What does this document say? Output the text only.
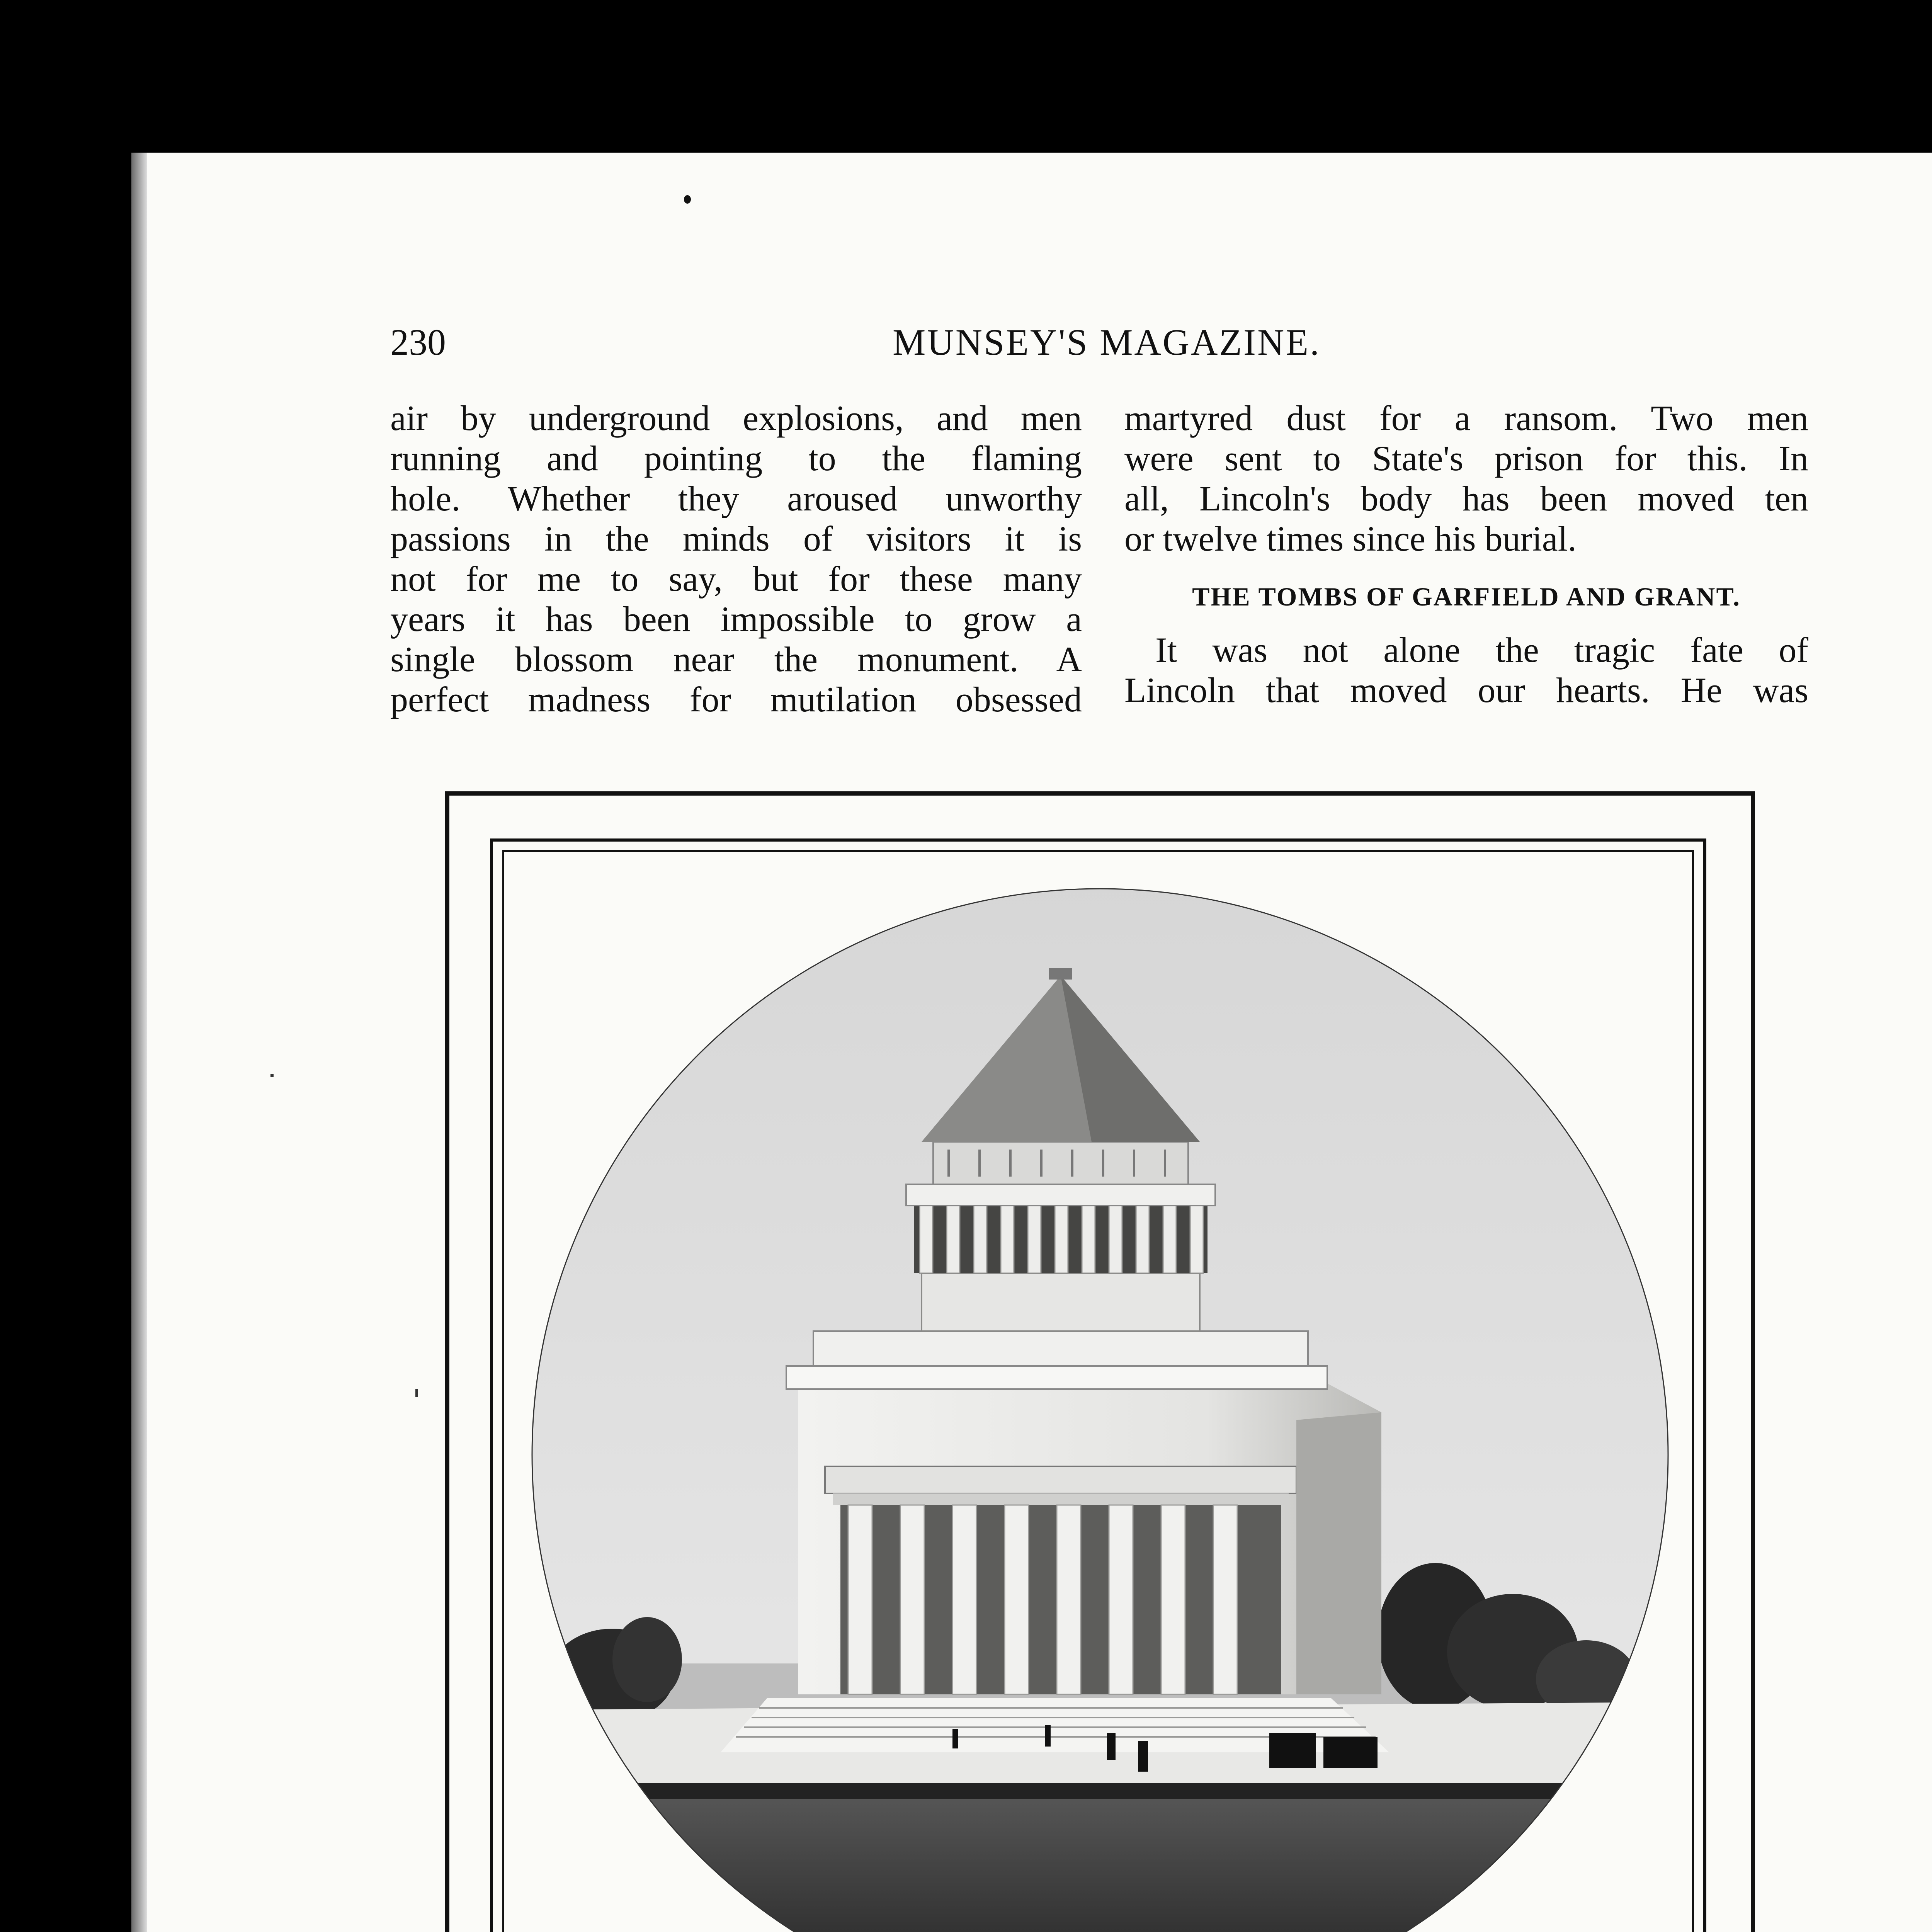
230	MUNSEY'S MAGAZINE.
air by underground explosions, and men
running and pointing to the flaming
hole. Whether they aroused unworthy
passions in the minds of visitors it is
not for me to say, but for these many
years it has been impossible to grow a
single blossom near the monument. A
perfect madness for mutilation obsessed
martyred dust for a ransom. Two men
were sent to State's prison for this. In
all, Lincoln's body has been moved ten
or twelve times since his burial.
THE TOMBS OF GARFIELD AND GRANT.
It was not alone the tragic fate of
Lincoln that moved our hearts. He was
